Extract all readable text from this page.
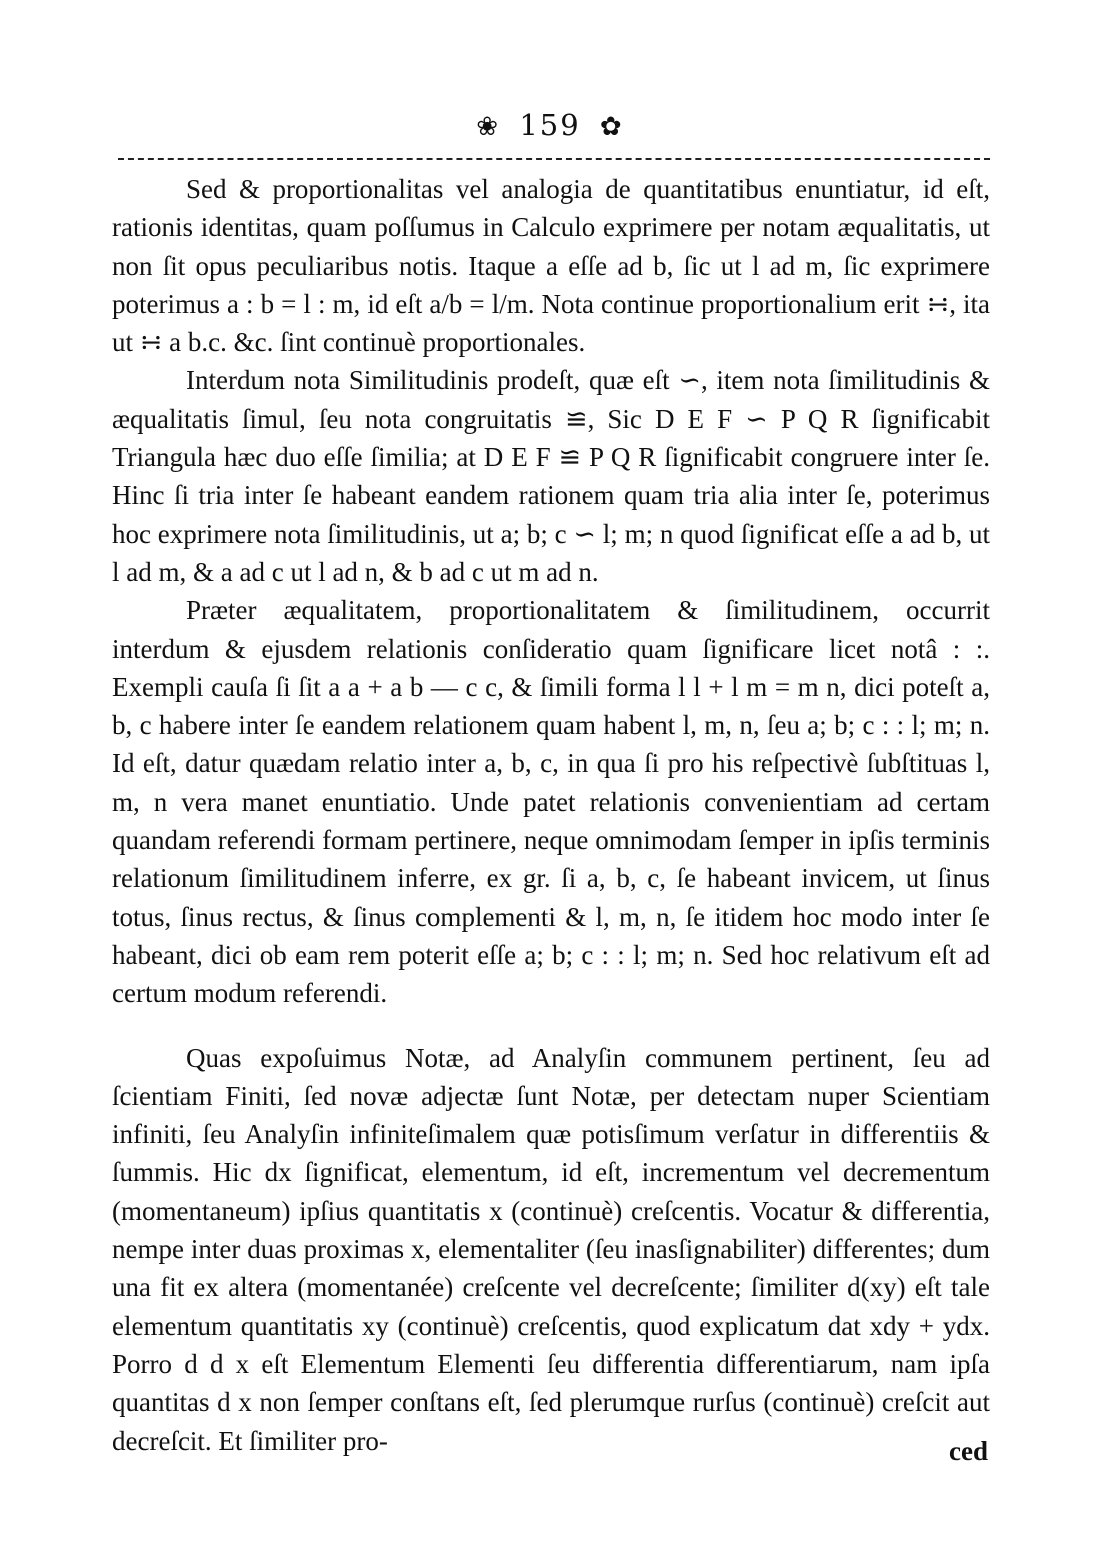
❀ 159 ✿

Sed & proportionalitas vel analogia de quantitatibus enuntiatur, id eſt, rationis identitas, quam poſſumus in Calculo exprimere per notam æqualitatis, ut non ſit opus peculiaribus notis. Itaque a eſſe ad b, ſic ut l ad m, ſic exprimere poterimus a : b = l : m, id eſt a/b = l/m. Nota continue proportionalium erit ∺, ita ut ∺ a b.c. &c. ſint continuè proportionales.

Interdum nota Similitudinis prodeſt, quæ eſt ∽, item nota ſimilitudinis & æqualitatis ſimul, ſeu nota congruitatis ≌, Sic D E F ∽ P Q R ſignificabit Triangula hæc duo eſſe ſimilia; at D E F ≌ P Q R ſignificabit congruere inter ſe. Hinc ſi tria inter ſe habeant eandem rationem quam tria alia inter ſe, poterimus hoc exprimere nota ſimilitudinis, ut a; b; c ∽ l; m; n quod ſignificat eſſe a ad b, ut l ad m, & a ad c ut l ad n, & b ad c ut m ad n.

Præter æqualitatem, proportionalitatem & ſimilitudinem, occurrit interdum & ejusdem relationis conſideratio quam ſignificare licet notâ : :. Exempli cauſa ſi ſit a a + a b — c c, & ſimili forma l l + l m = m n, dici poteſt a, b, c habere inter ſe eandem relationem quam habent l, m, n, ſeu a; b; c : : l; m; n. Id eſt, datur quædam relatio inter a, b, c, in qua ſi pro his reſpectivè ſubſtituas l, m, n vera manet enuntiatio. Unde patet relationis convenientiam ad certam quandam referendi formam pertinere, neque omnimodam ſemper in ipſis terminis relationum ſimilitudinem inferre, ex gr. ſi a, b, c, ſe habeant invicem, ut ſinus totus, ſinus rectus, & ſinus complementi & l, m, n, ſe itidem hoc modo inter ſe habeant, dici ob eam rem poterit eſſe a; b; c : : l; m; n. Sed hoc relativum eſt ad certum modum referendi.

Quas expoſuimus Notæ, ad Analyſin communem pertinent, ſeu ad ſcientiam Finiti, ſed novæ adjectæ ſunt Notæ, per detectam nuper Scientiam infiniti, ſeu Analyſin infiniteſimalem quæ potisſimum verſatur in differentiis & ſummis. Hic dx ſignificat, elementum, id eſt, incrementum vel decrementum (momentaneum) ipſius quantitatis x (continuè) creſcentis. Vocatur & differentia, nempe inter duas proximas x, elementaliter (ſeu inasſignabiliter) differentes; dum una fit ex altera (momentanée) creſcente vel decreſcente; ſimiliter d(xy) eſt tale elementum quantitatis xy (continuè) creſcentis, quod explicatum dat xdy + ydx. Porro d d x eſt Elementum Elementi ſeu differentia differentiarum, nam ipſa quantitas d x non ſemper conſtans eſt, ſed plerumque rurſus (continuè) creſcit aut decreſcit. Et ſimiliter pro-	ced
